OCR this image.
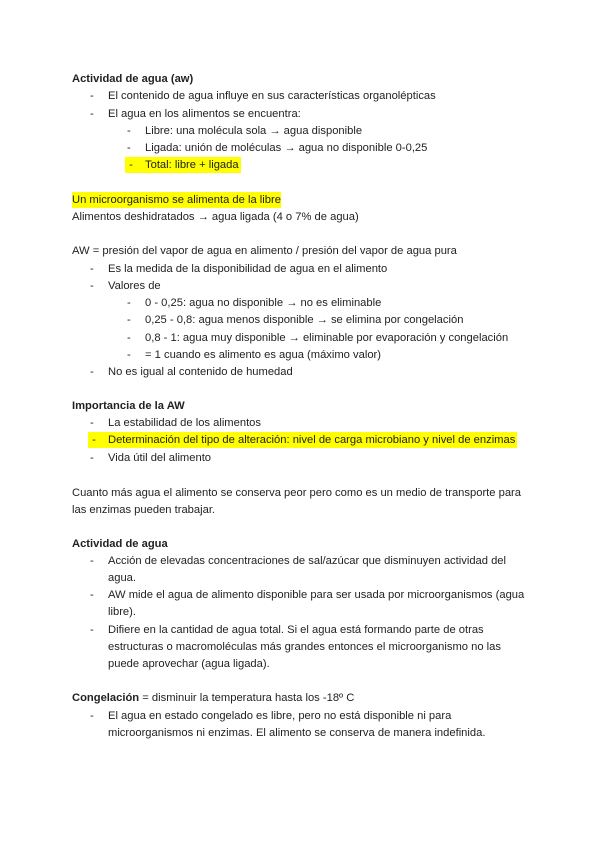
Actividad de agua (aw)
- El contenido de agua influye en sus características organolépticas
- El agua en los alimentos se encuentra:
- Libre: una molécula sola → agua disponible
- Ligada: unión de moléculas → agua no disponible 0-0,25
-	Total: libre + ligada
Un microorganismo se alimenta de la libre
Alimentos deshidratados → agua ligada (4 o 7% de agua)
AW = presión del vapor de agua en alimento / presión del vapor de agua pura
- Es la medida de la disponibilidad de agua en el alimento
- Valores de
- 0 - 0,25: agua no disponible → no es eliminable
- 0,25 - 0,8: agua menos disponible → se elimina por congelación
- 0,8 - 1: agua muy disponible → eliminable por evaporación y congelación
- = 1 cuando es alimento es agua (máximo valor)
- No es igual al contenido de humedad
Importancia de la AW
- La estabilidad de los alimentos
-	Determinación del tipo de alteración: nivel de carga microbiano y nivel de enzimas
- Vida útil del alimento
Cuanto más agua el alimento se conserva peor pero como es un medio de transporte para
las enzimas pueden trabajar.
Actividad de agua
- Acción de elevadas concentraciones de sal/azúcar que disminuyen actividad del
agua.
- AW mide el agua de alimento disponible para ser usada por microorganismos (agua
libre).
- Difiere en la cantidad de agua total. Si el agua está formando parte de otras
estructuras o macromoléculas más grandes entonces el microorganismo no las
puede aprovechar (agua ligada).
Congelación = disminuir la temperatura hasta los -18º C
- El agua en estado congelado es libre, pero no está disponible ni para
microorganismos ni enzimas. El alimento se conserva de manera indefinida.
